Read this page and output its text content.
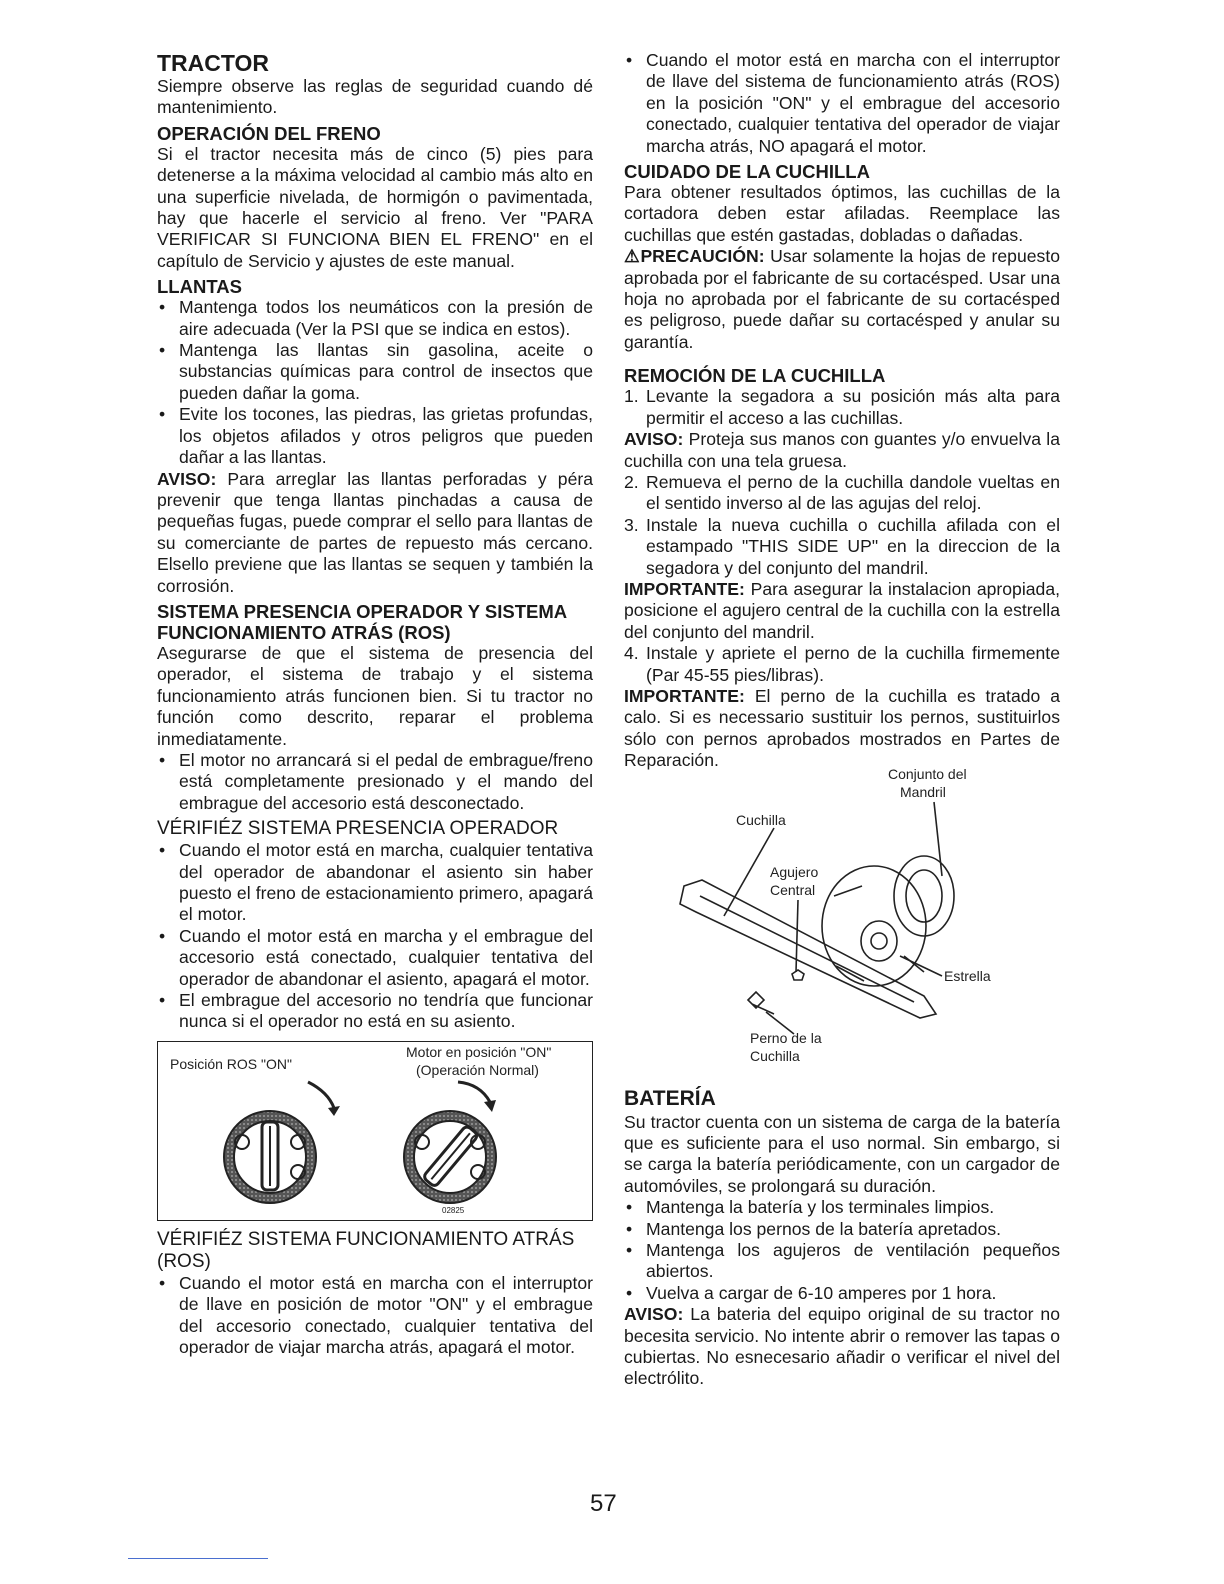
TRACTOR

Siempre observe las reglas de seguridad cuando dé mantenimiento.

OPERACIÓN DEL FRENO

Si el tractor necesita más de cinco (5) pies para detenerse a la máxima velocidad al cambio más alto en una superficie nivelada, de hormigón o pavimentada, hay que hacerle el servicio al freno. Ver "PARA VERIFICAR SI FUNCIONA BIEN EL FRENO" en el capítulo de Servicio y ajustes de este manual.

LLANTAS
• Mantenga todos los neumáticos con la presión de aire adecuada (Ver la PSI que se indica en estos).
• Mantenga las llantas sin gasolina, aceite o substancias químicas para control de insectos que pueden dañar la goma.
• Evite los tocones, las piedras, las grietas profundas, los objetos afilados y otros peligros que pueden dañar a las llantas.

AVISO: Para arreglar las llantas perforadas y péra prevenir que tenga llantas pinchadas a causa de pequeñas fugas, puede comprar el sello para llantas de su comerciante de partes de repuesto más cercano. Elsello previene que las llantas se sequen y también la corrosión.

SISTEMA PRESENCIA OPERADOR Y SISTEMA
FUNCIONAMIENTO ATRÁS (ROS)

Asegurarse de que el sistema de presencia del operador, el sistema de trabajo y el sistema funcionamiento atrás funcionen bien. Si tu tractor no función como descrito, reparar el problema inmediatamente.

• El motor no arrancará si el pedal de embrague/freno está completamente presionado y el mando del embrague del accesorio está desconectado.
VÉRIFIÉZ SISTEMA PRESENCIA OPERADOR
• Cuando el motor está en marcha, cualquier tentativa del operador de abandonar el asiento sin haber puesto el freno de estacionamiento primero, apagará el motor.
• Cuando el motor está en marcha y el embrague del accesorio está conectado, cualquier tentativa del operador de abandonar el asiento, apagará el motor.
• El embrague del accesorio no tendría que funcionar nunca si el operador no está en su asiento.
Posición ROS "ON"
Motor en posición "ON"
(Operación Normal)
02825
VÉRIFIÉZ SISTEMA FUNCIONAMIENTO ATRÁS
(ROS)
• Cuando el motor está en marcha con el interruptor de llave en posición de motor "ON" y el embrague del accesorio conectado, cualquier tentativa del operador de viajar marcha atrás, apagará el motor.
• Cuando el motor está en marcha con el interruptor de llave del sistema de funcionamiento atrás (ROS) en la posición "ON" y el embrague del accesorio conectado, cualquier tentativa del operador de viajar marcha atrás, NO apagará el motor.
CUIDADO DE LA CUCHILLA

Para obtener resultados óptimos, las cuchillas de la cortadora deben estar afiladas. Reemplace las cuchillas que estén gastadas, dobladas o dañadas.

⚠PRECAUCIÓN: Usar solamente la hojas de repuesto aprobada por el fabricante de su cortacésped. Usar una hoja no aprobada por el fabricante de su cortacésped es peligroso, puede dañar su cortacésped y anular su garantía.

REMOCIÓN DE LA CUCHILLA
1. Levante la segadora a su posición más alta para permitir el acceso a las cuchillas.

AVISO: Proteja sus manos con guantes y/o envuelva la cuchilla con una tela gruesa.

2. Remueva el perno de la cuchilla dandole vueltas en el sentido inverso al de las agujas del reloj.
3. Instale la nueva cuchilla o cuchilla afilada con el estampado "THIS SIDE UP" en la direccion de la segadora y del conjunto del mandril.

IMPORTANTE: Para asegurar la instalacion apropiada, posicione el agujero central de la cuchilla con la estrella del conjunto del mandril.

4. Instale y apriete el perno de la cuchilla firmemente (Par 45-55 pies/libras).

IMPORTANTE: El perno de la cuchilla es tratado a calo. Si es necessario sustituir los pernos, sustituirlos sólo con pernos aprobados mostrados en Partes de Reparación.

Conjunto del
Mandril
Cuchilla
Agujero
Central
Estrella
Perno de la
Cuchilla
BATERÍA

Su tractor cuenta con un sistema de carga de la batería que es suficiente para el uso normal. Sin embargo, si se carga la batería periódicamente, con un cargador de automóviles, se prolongará su duración.

• Mantenga la batería y los terminales limpios.
• Mantenga los pernos de la batería apretados.
• Mantenga los agujeros de ventilación pequeños abiertos.
• Vuelva a cargar de 6-10 amperes por 1 hora.

AVISO: La bateria del equipo original de su tractor no becesita servicio. No intente abrir o remover las tapas o cubiertas. No esnecesario añadir o verificar el nivel del electrólito.

57
